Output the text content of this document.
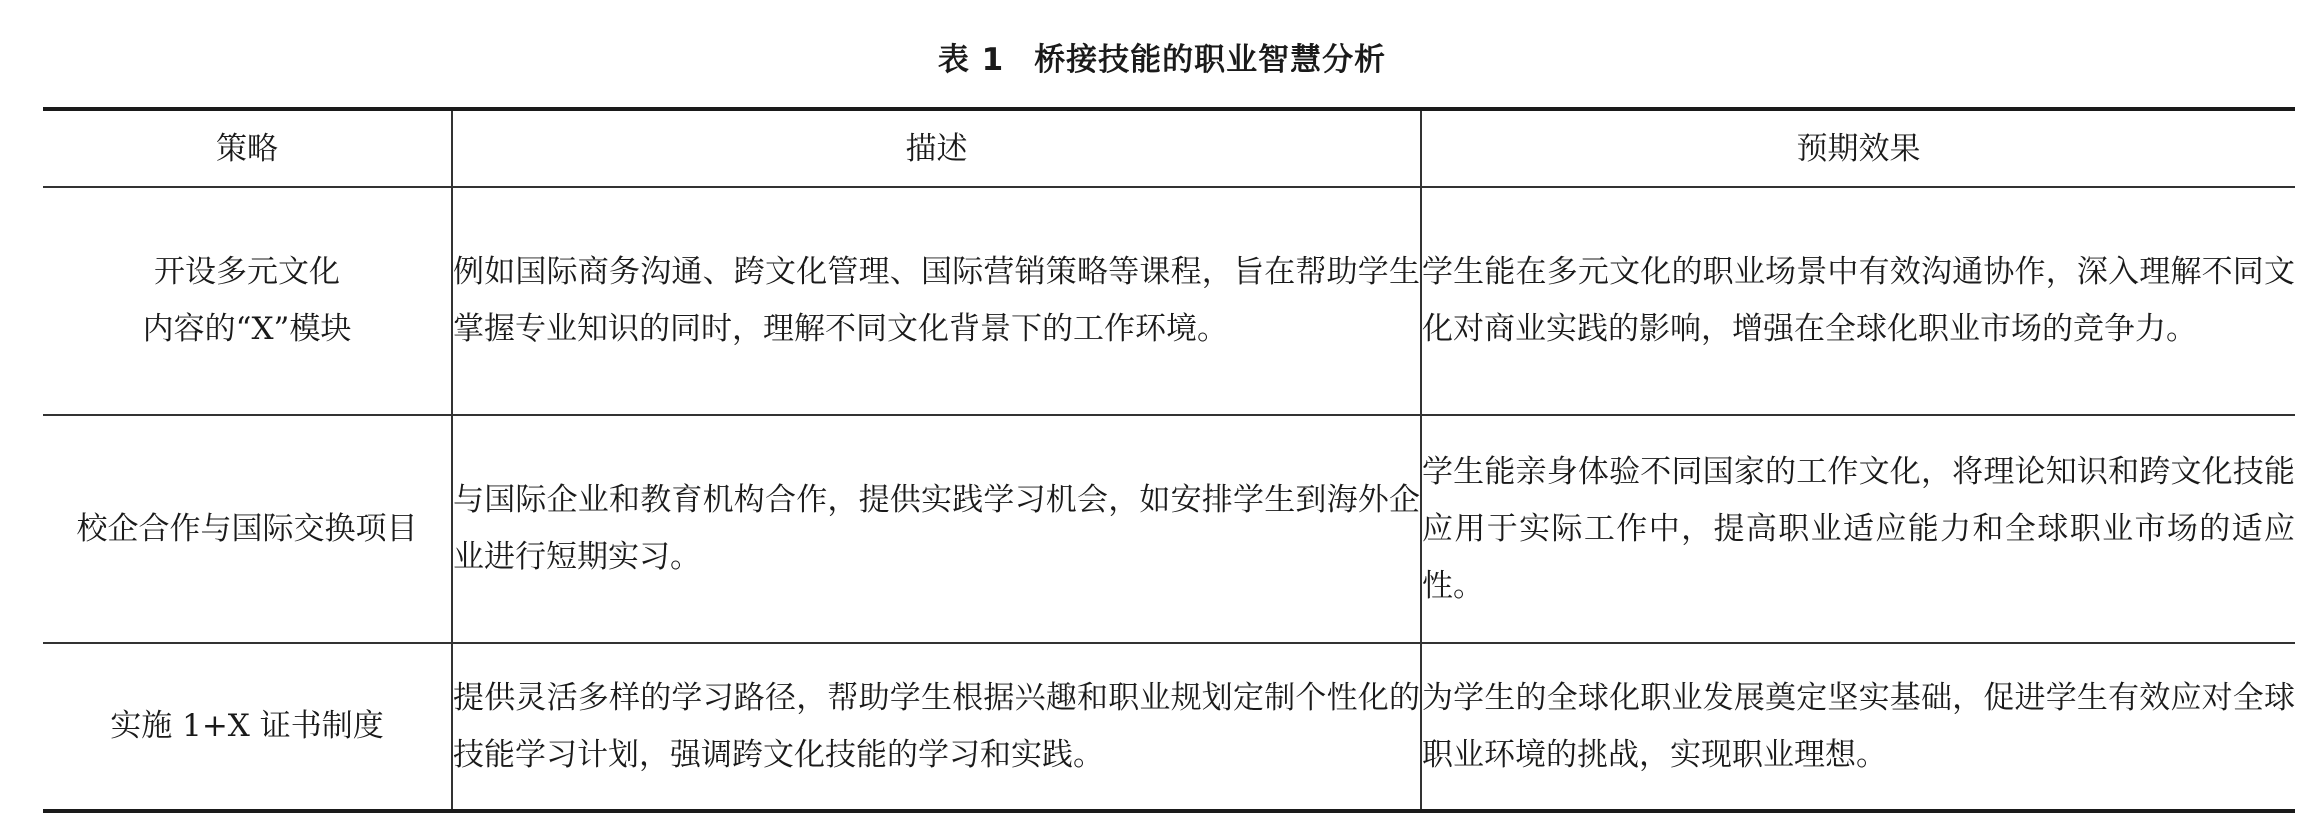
表 1 桥接技能的职业智慧分析
策略	描述	预期效果

开设多元文化
内容的“X”模块	例如国际商务沟通、跨文化管理、国际营销策略等课程，旨在帮助学生掌握专业知识的同时，理解不同文化背景下的工作环境。	学生能在多元文化的职业场景中有效沟通协作，深入理解不同文化对商业实践的影响，增强在全球化职业市场的竞争力。

校企合作与国际交换项目	与国际企业和教育机构合作，提供实践学习机会，如安排学生到海外企业进行短期实习。	学生能亲身体验不同国家的工作文化，将理论知识和跨文化技能应用于实际工作中，提高职业适应能力和全球职业市场的适应性。

实施 1+X 证书制度	提供灵活多样的学习路径，帮助学生根据兴趣和职业规划定制个性化的技能学习计划，强调跨文化技能的学习和实践。	为学生的全球化职业发展奠定坚实基础，促进学生有效应对全球职业环境的挑战，实现职业理想。
